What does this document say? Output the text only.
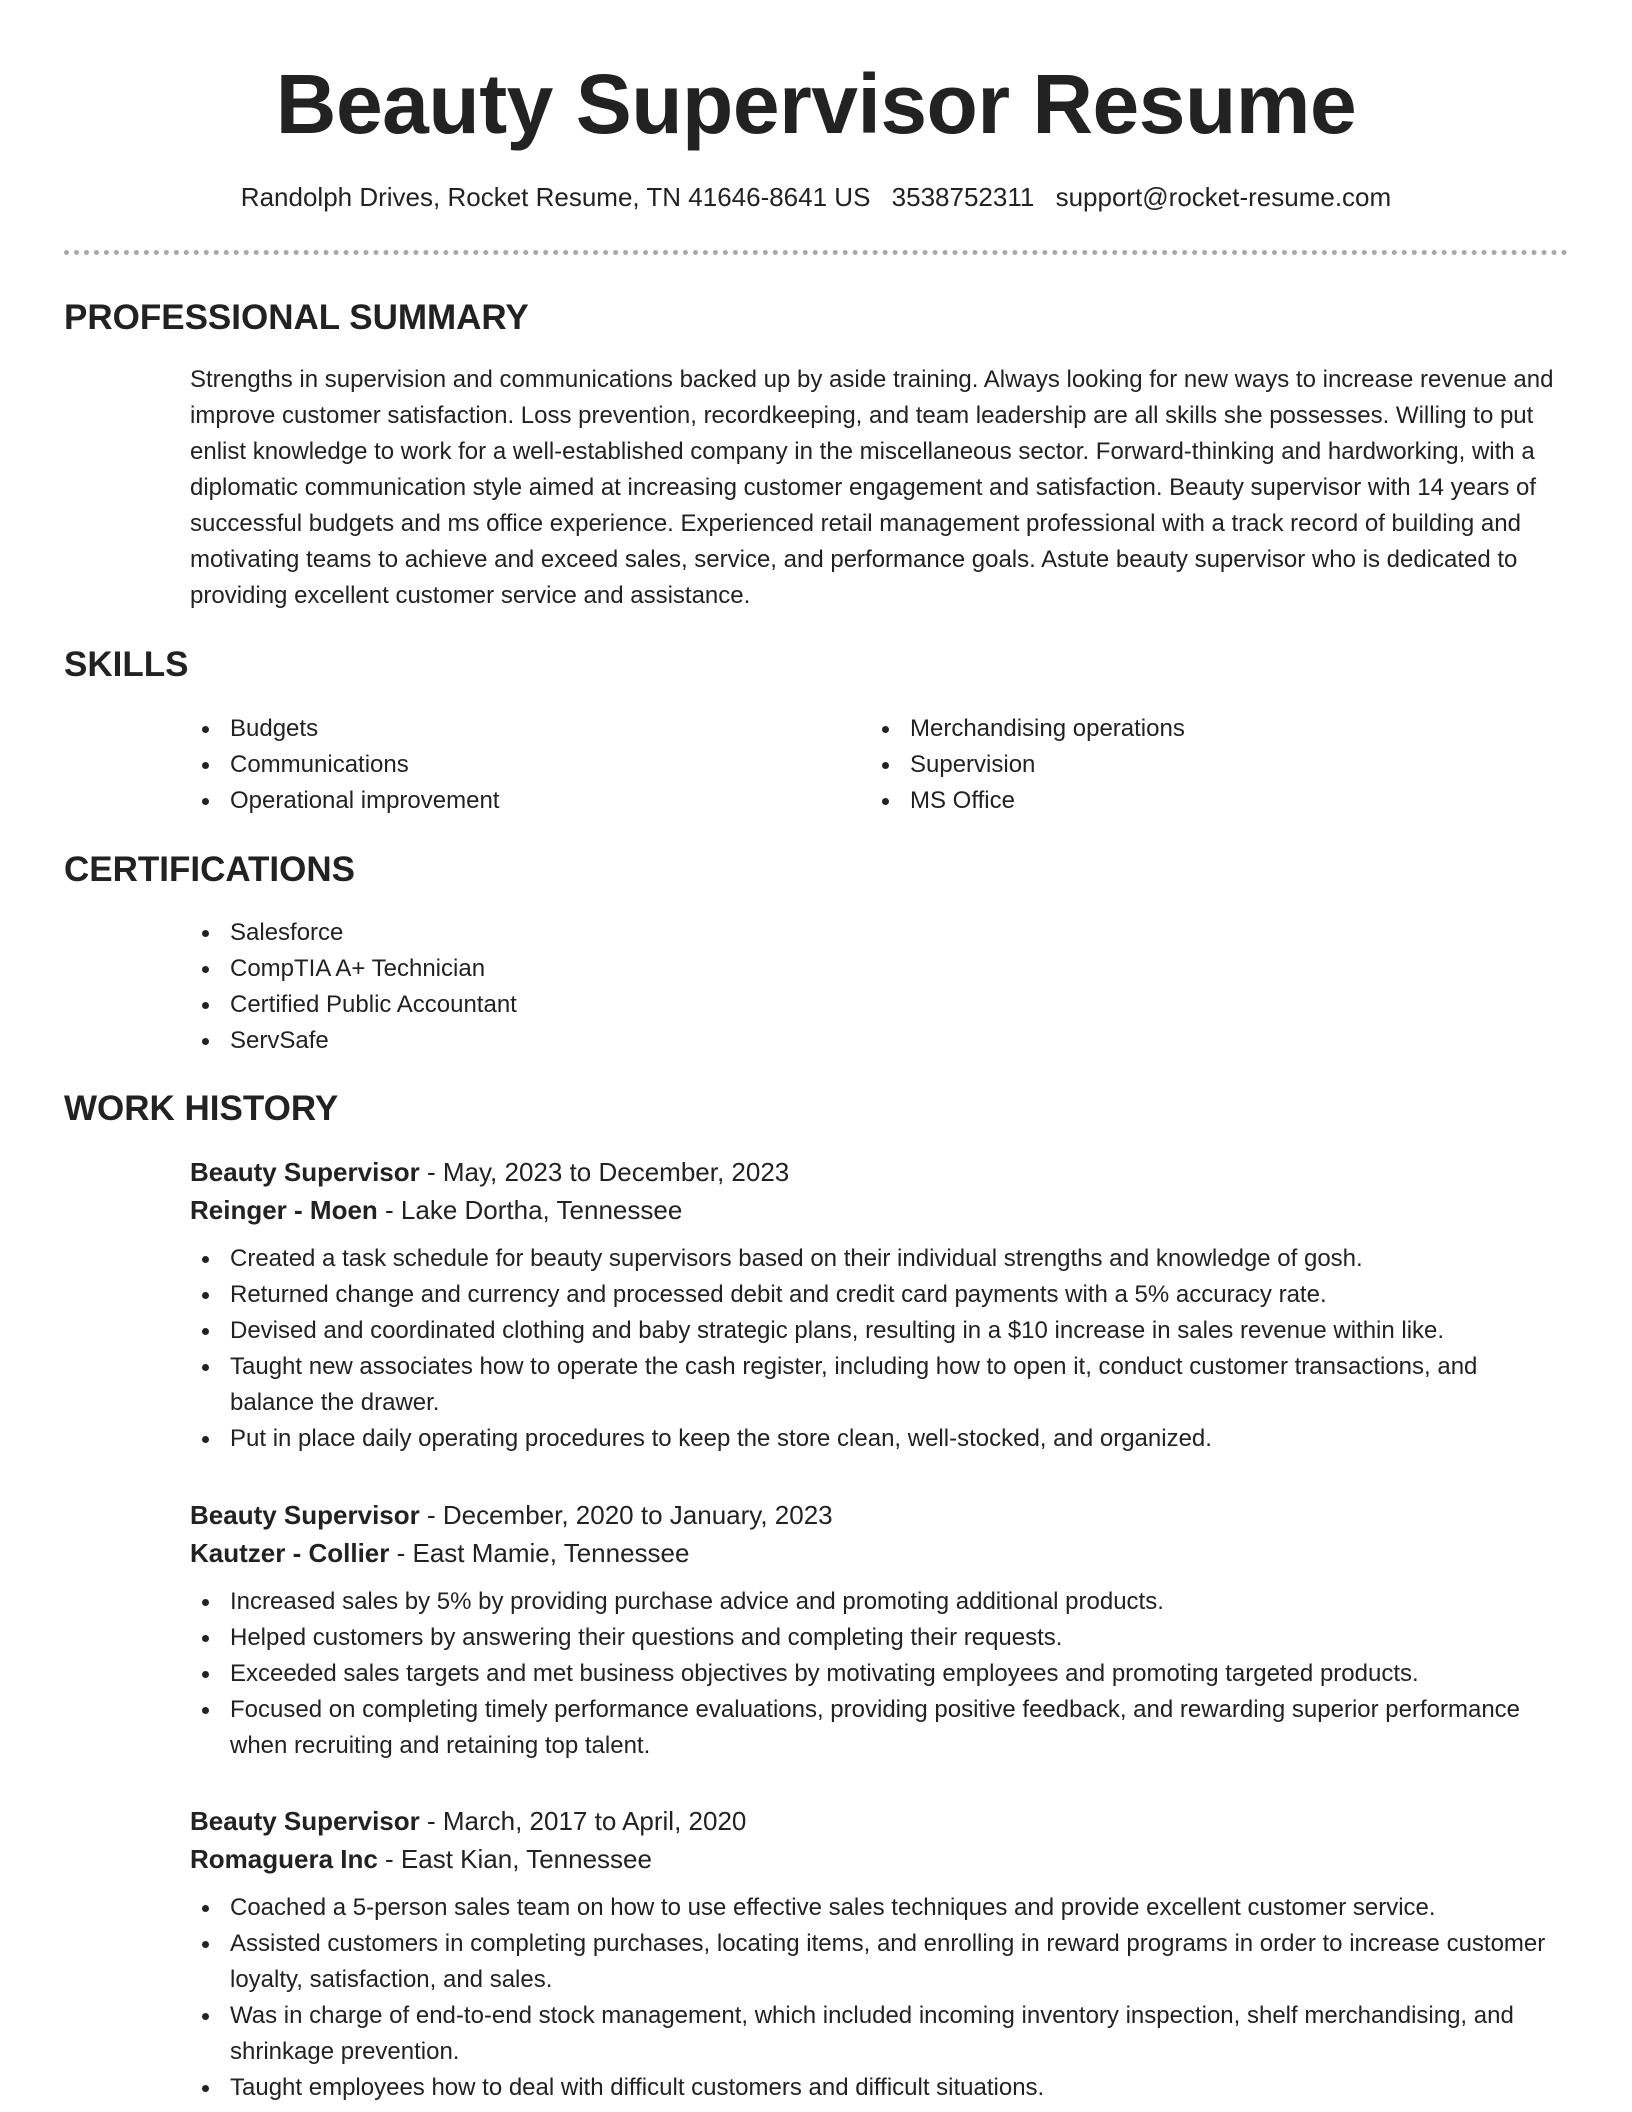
Beauty Supervisor Resume
Randolph Drives, Rocket Resume, TN 41646-8641 US 3538752311 support@rocket-resume.com
PROFESSIONAL SUMMARY
Strengths in supervision and communications backed up by aside training. Always looking for new ways to increase revenue and improve customer satisfaction. Loss prevention, recordkeeping, and team leadership are all skills she possesses. Willing to put enlist knowledge to work for a well-established company in the miscellaneous sector. Forward-thinking and hardworking, with a diplomatic communication style aimed at increasing customer engagement and satisfaction. Beauty supervisor with 14 years of successful budgets and ms office experience. Experienced retail management professional with a track record of building and motivating teams to achieve and exceed sales, service, and performance goals. Astute beauty supervisor who is dedicated to providing excellent customer service and assistance.
SKILLS
Budgets
Communications
Operational improvement
Merchandising operations
Supervision
MS Office
CERTIFICATIONS
Salesforce
CompTIA A+ Technician
Certified Public Accountant
ServSafe
WORK HISTORY

Beauty Supervisor - May, 2023 to December, 2023

Reinger - Moen - Lake Dortha, Tennessee

Created a task schedule for beauty supervisors based on their individual strengths and knowledge of gosh.
Returned change and currency and processed debit and credit card payments with a 5% accuracy rate.
Devised and coordinated clothing and baby strategic plans, resulting in a $10 increase in sales revenue within like.
Taught new associates how to operate the cash register, including how to open it, conduct customer transactions, and balance the drawer.
Put in place daily operating procedures to keep the store clean, well-stocked, and organized.

Beauty Supervisor - December, 2020 to January, 2023

Kautzer - Collier - East Mamie, Tennessee

Increased sales by 5% by providing purchase advice and promoting additional products.
Helped customers by answering their questions and completing their requests.
Exceeded sales targets and met business objectives by motivating employees and promoting targeted products.
Focused on completing timely performance evaluations, providing positive feedback, and rewarding superior performance when recruiting and retaining top talent.

Beauty Supervisor - March, 2017 to April, 2020

Romaguera Inc - East Kian, Tennessee

Coached a 5-person sales team on how to use effective sales techniques and provide excellent customer service.
Assisted customers in completing purchases, locating items, and enrolling in reward programs in order to increase customer loyalty, satisfaction, and sales.
Was in charge of end-to-end stock management, which included incoming inventory inspection, shelf merchandising, and shrinkage prevention.
Taught employees how to deal with difficult customers and difficult situations.
